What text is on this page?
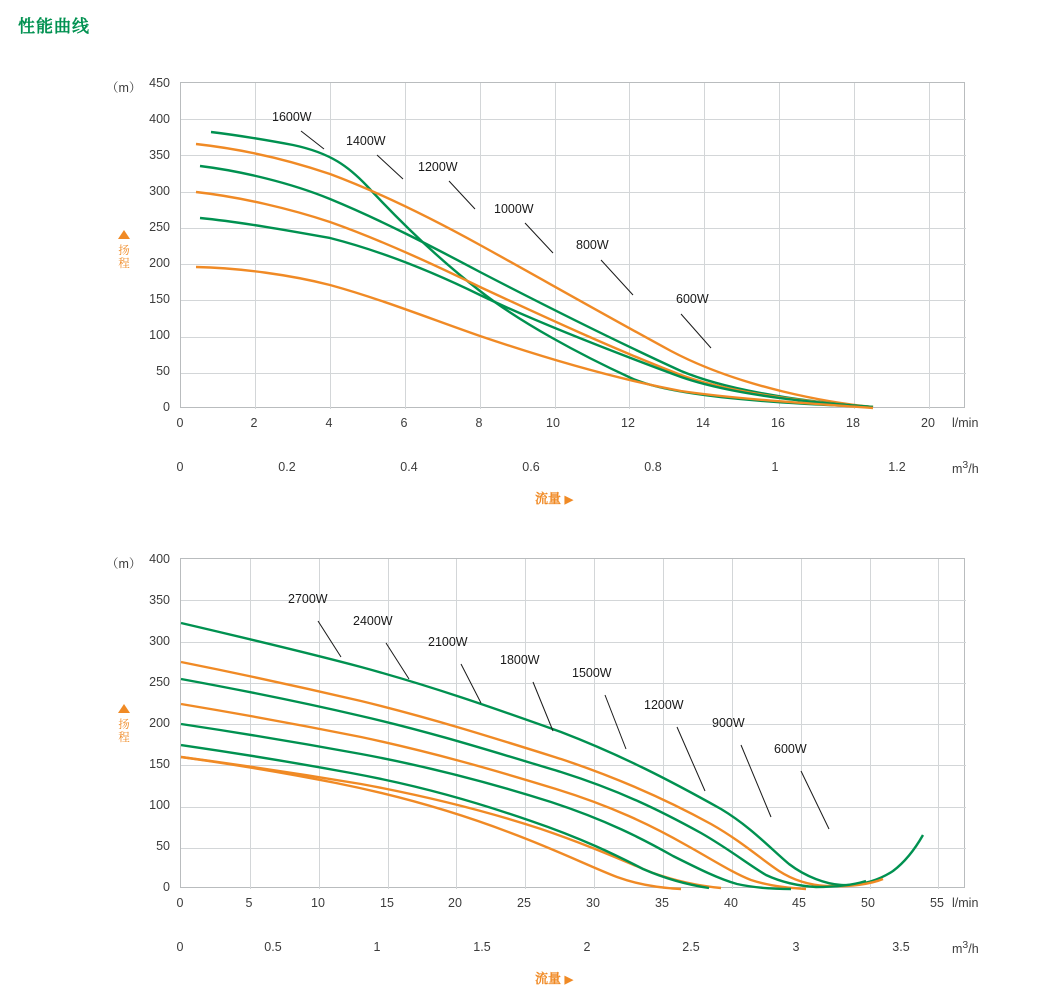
性能曲线
（m）
扬
程
450
400
350
300
250
200
150
100
50
0
1600W
1400W
1200W
1000W
800W
600W
0	2	4	6	8	10	12	14	16	18	20 l/min
0	0.2	0.4	0.6	0.8	1	1.2	$m^3/h$
流量 ▶
（m）
扬
程
400
350
300
250
200
150
100
50
0
2700W
2400W
2100W
1800W
1500W
1200W
900W
600W
0	5	10	15	20	25	30	35	40	45	50	55 l/min
0	0.5	1	1.5	2	2.5	3	3.5	$m^3/h$
流量 ▶
